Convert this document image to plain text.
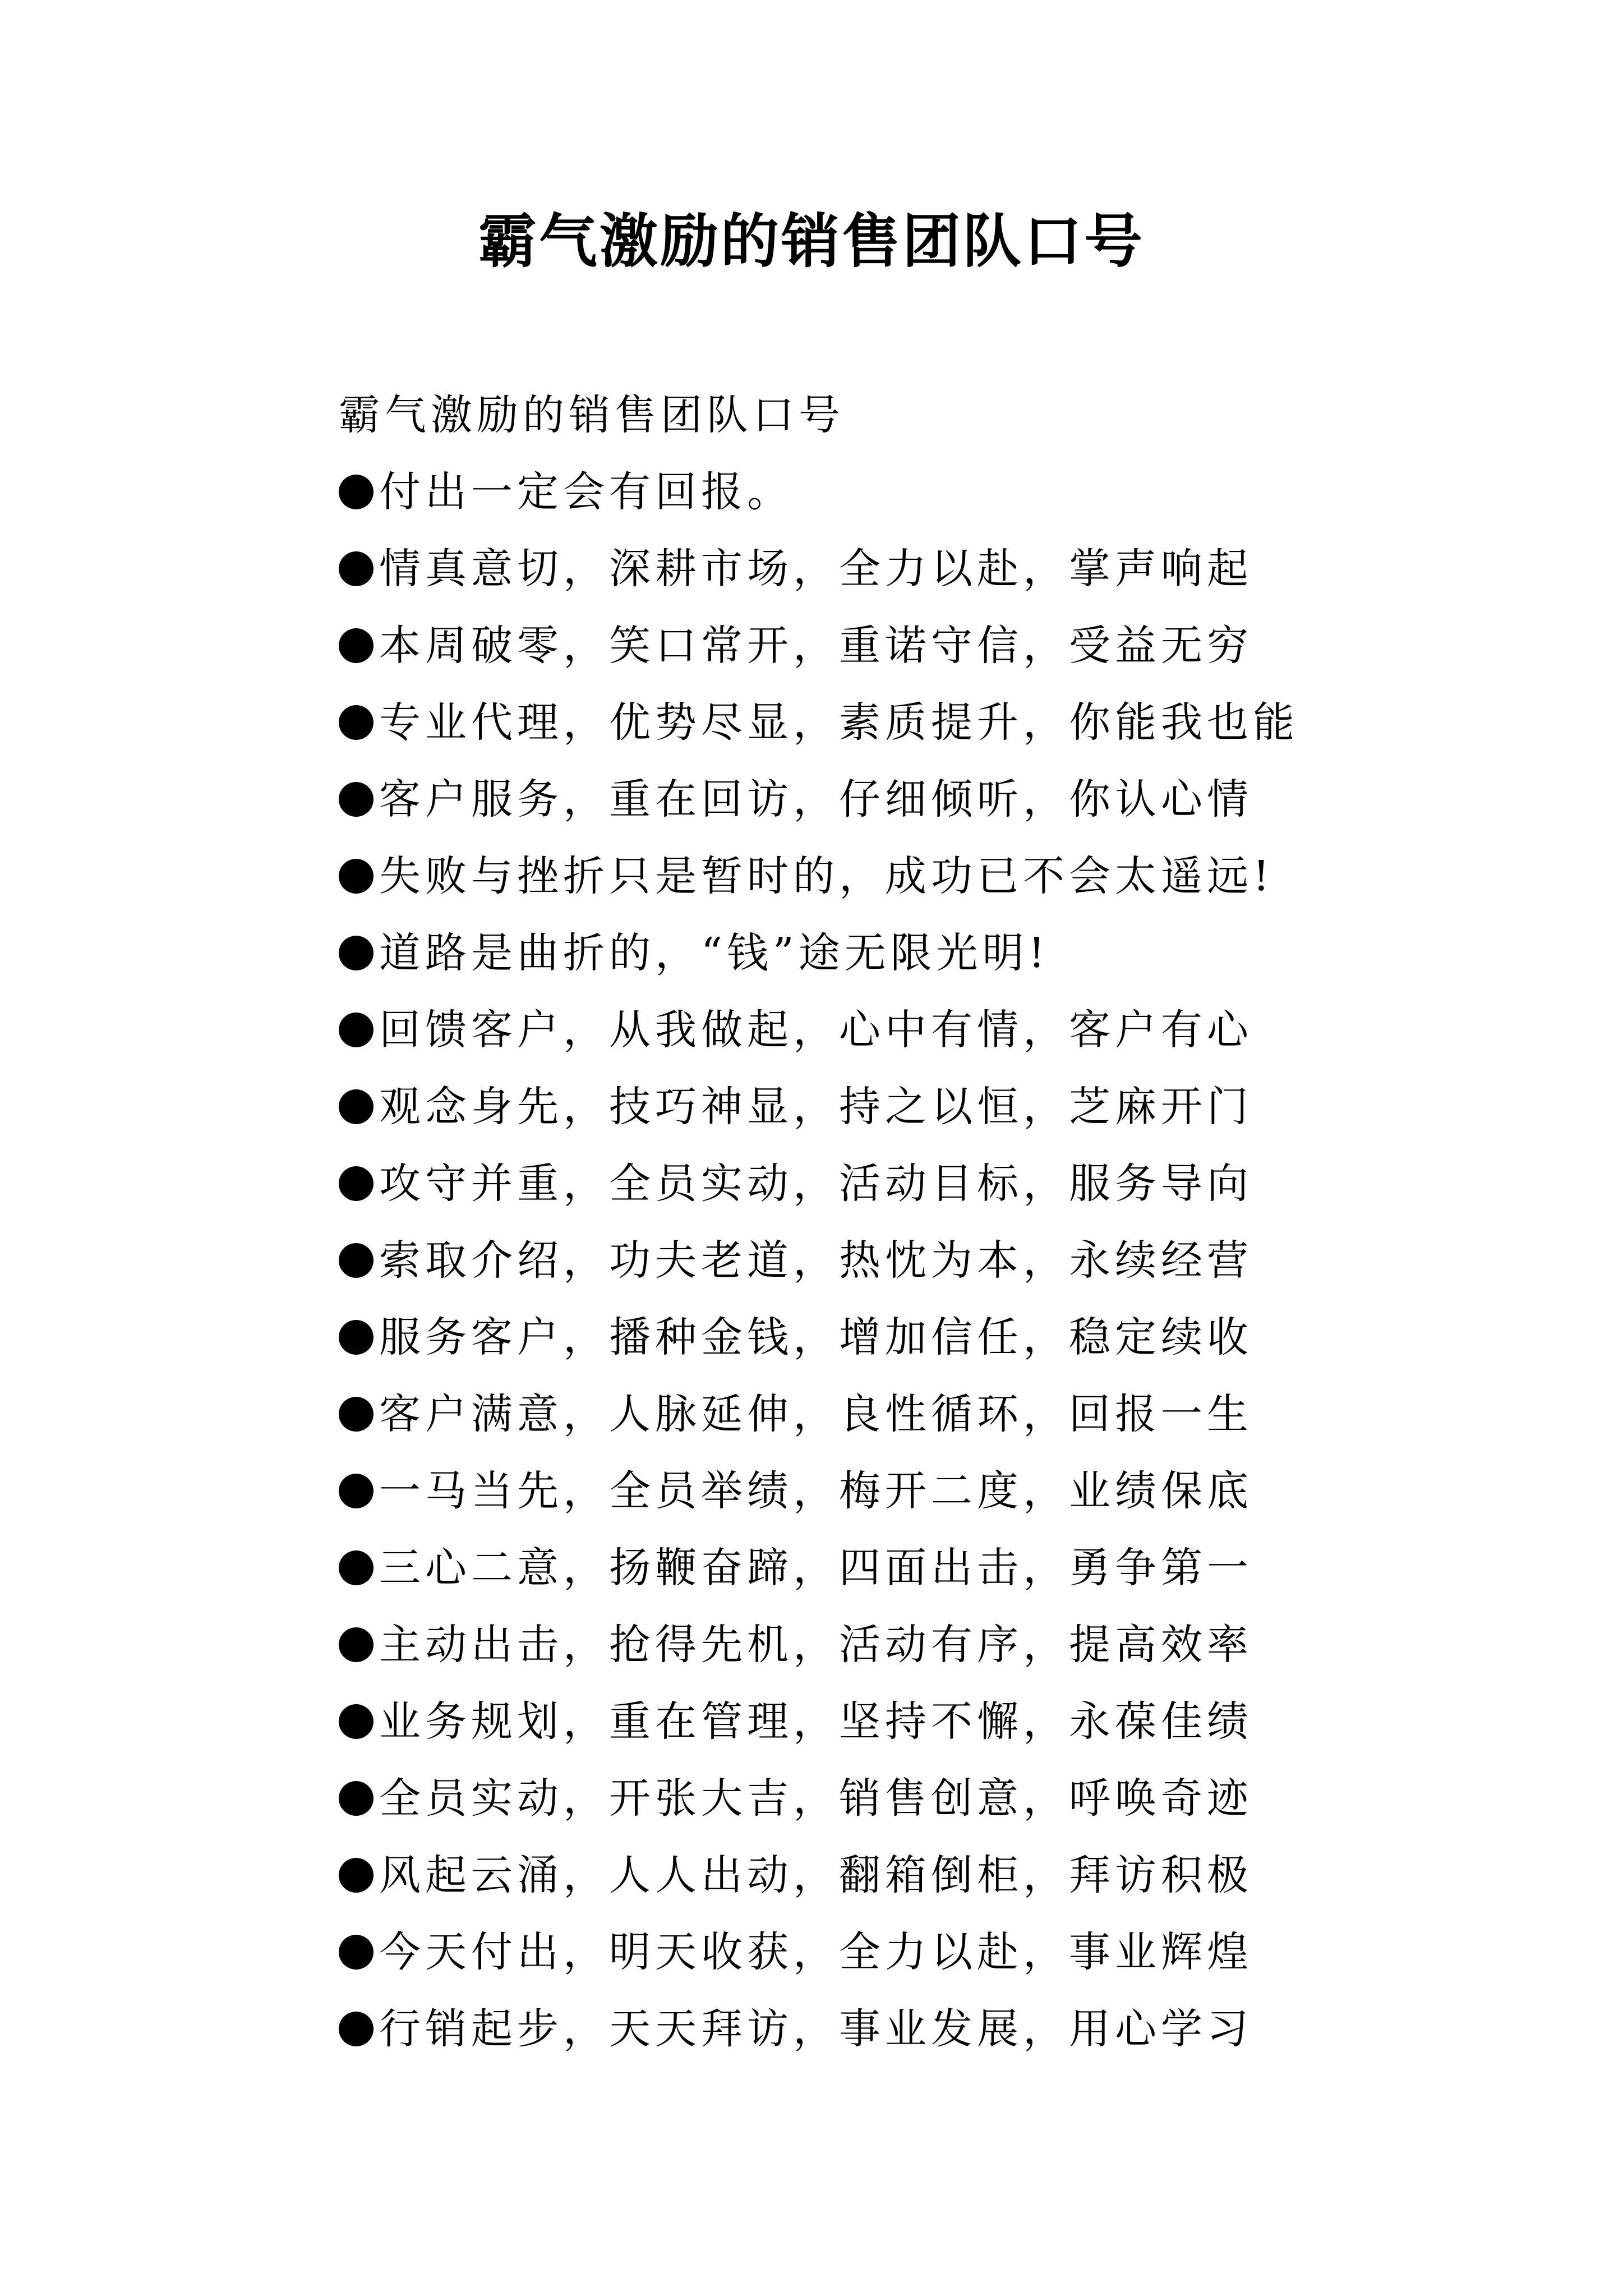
霸气激励的销售团队口号

霸气激励的销售团队口号

付出一定会有回报。

情真意切，深耕市场，全力以赴，掌声响起

本周破零，笑口常开，重诺守信，受益无穷

专业代理，优势尽显，素质提升，你能我也能

客户服务，重在回访，仔细倾听，你认心情

失败与挫折只是暂时的，成功已不会太遥远!

道路是曲折的，“钱”途无限光明!

回馈客户，从我做起，心中有情，客户有心

观念身先，技巧神显，持之以恒，芝麻开门

攻守并重，全员实动，活动目标，服务导向

索取介绍，功夫老道，热忱为本，永续经营

服务客户，播种金钱，增加信任，稳定续收

客户满意，人脉延伸，良性循环，回报一生

一马当先，全员举绩，梅开二度，业绩保底

三心二意，扬鞭奋蹄，四面出击，勇争第一

主动出击，抢得先机，活动有序，提高效率

业务规划，重在管理，坚持不懈，永葆佳绩

全员实动，开张大吉，销售创意，呼唤奇迹

风起云涌，人人出动，翻箱倒柜，拜访积极

今天付出，明天收获，全力以赴，事业辉煌

行销起步，天天拜访，事业发展，用心学习
